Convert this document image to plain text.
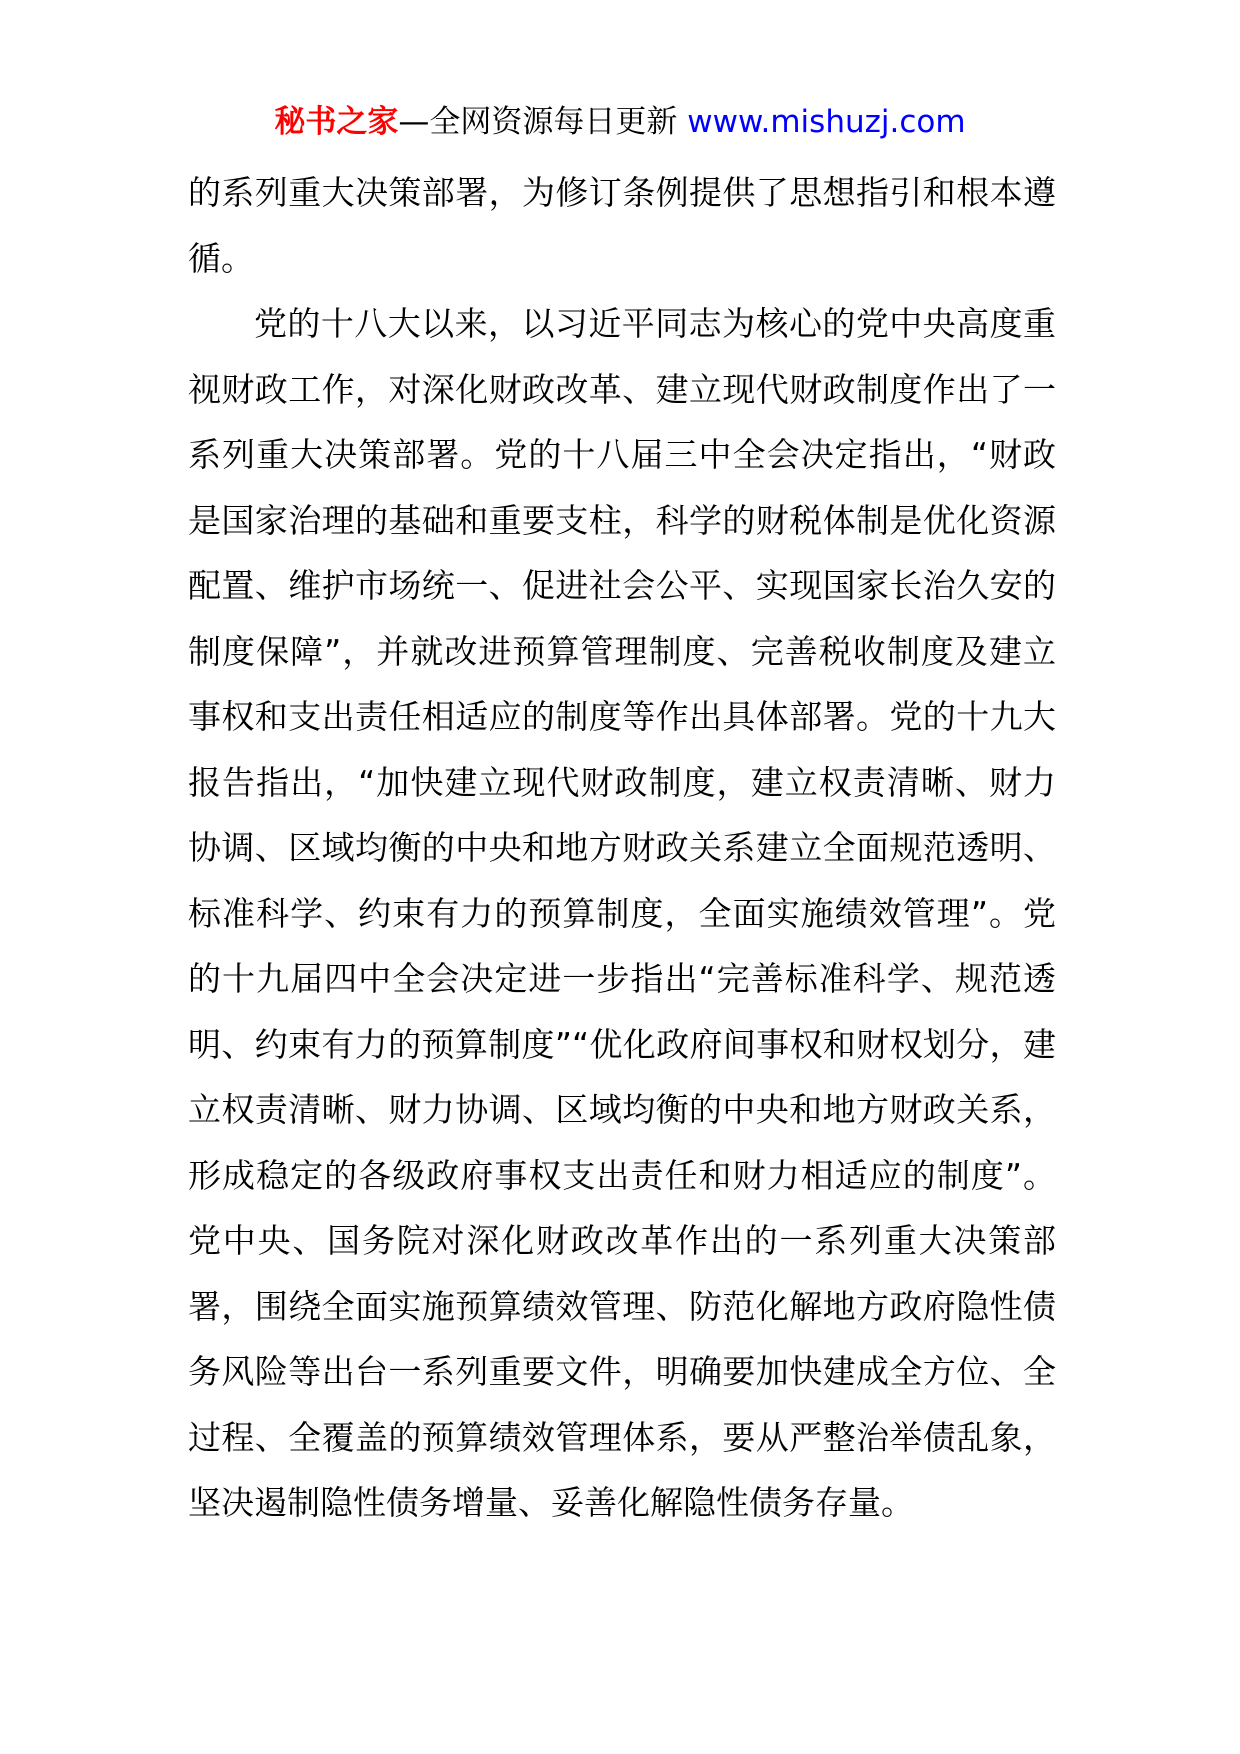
秘书之家—全网资源每日更新 www.mishuzj.com

的系列重大决策部署，为修订条例提供了思想指引和根本遵循。

党的十八大以来，以习近平同志为核心的党中央高度重视财政工作，对深化财政改革、建立现代财政制度作出了一系列重大决策部署。党的十八届三中全会决定指出，“财政是国家治理的基础和重要支柱，科学的财税体制是优化资源配置、维护市场统一、促进社会公平、实现国家长治久安的制度保障”，并就改进预算管理制度、完善税收制度及建立事权和支出责任相适应的制度等作出具体部署。党的十九大报告指出，“加快建立现代财政制度，建立权责清晰、财力协调、区域均衡的中央和地方财政关系建立全面规范透明、标准科学、约束有力的预算制度，全面实施绩效管理”。党的十九届四中全会决定进一步指出“完善标准科学、规范透明、约束有力的预算制度”“优化政府间事权和财权划分，建立权责清晰、财力协调、区域均衡的中央和地方财政关系，形成稳定的各级政府事权支出责任和财力相适应的制度”。党中央、国务院对深化财政改革作出的一系列重大决策部署，围绕全面实施预算绩效管理、防范化解地方政府隐性债务风险等出台一系列重要文件，明确要加快建成全方位、全过程、全覆盖的预算绩效管理体系，要从严整治举债乱象，坚决遏制隐性债务增量、妥善化解隐性债务存量。
